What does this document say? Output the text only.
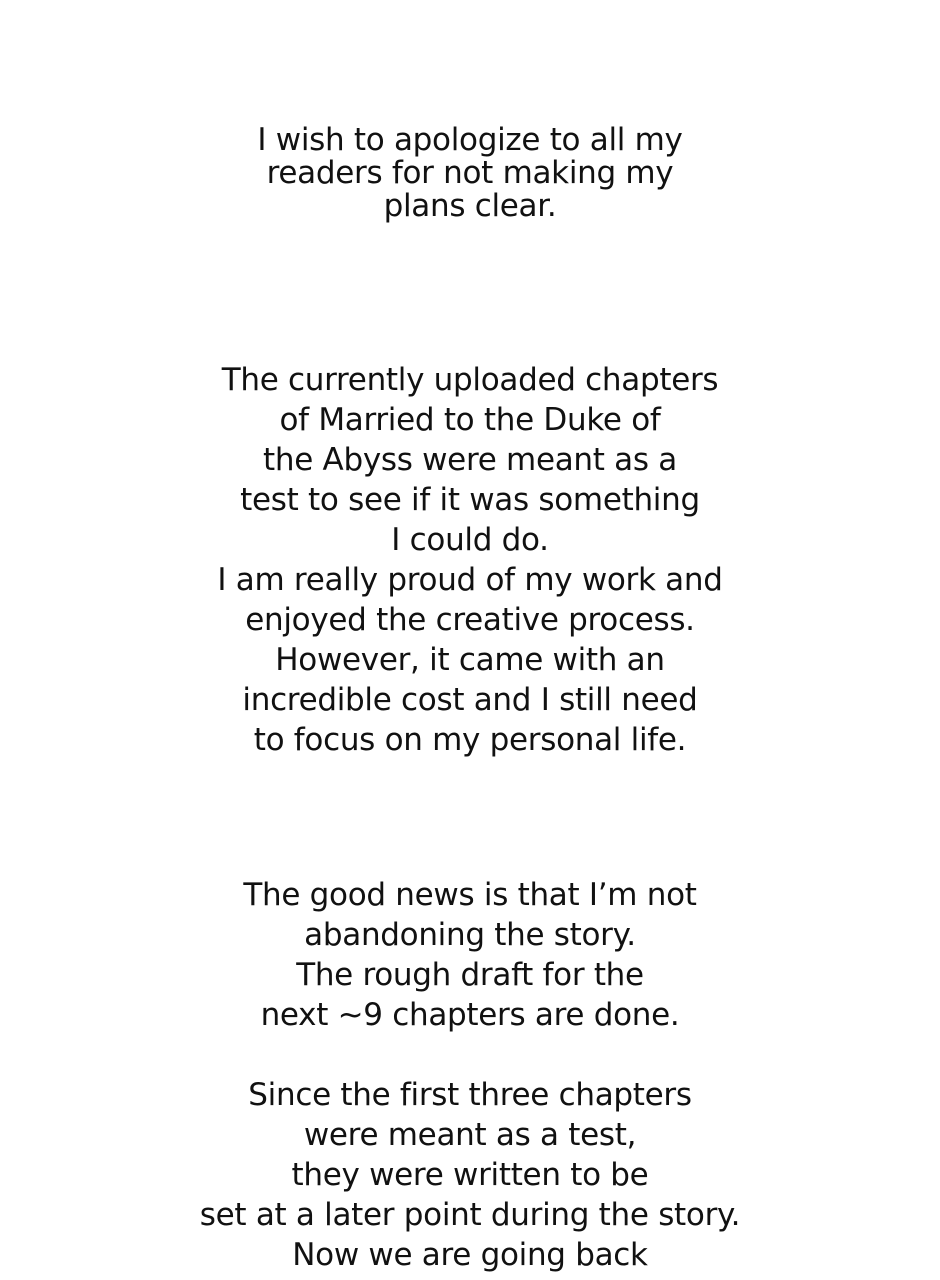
I wish to apologize to all my
readers for not making my
plans clear.
The currently uploaded chapters
of Married to the Duke of
the Abyss were meant as a
test to see if it was something
I could do.
I am really proud of my work and
enjoyed the creative process.
However, it came with an
incredible cost and I still need
to focus on my personal life.
The good news is that I’m not
abandoning the story.
The rough draft for the
next ~9 chapters are done.
Since the first three chapters
were meant as a test,
they were written to be
set at a later point during the story.
Now we are going back
